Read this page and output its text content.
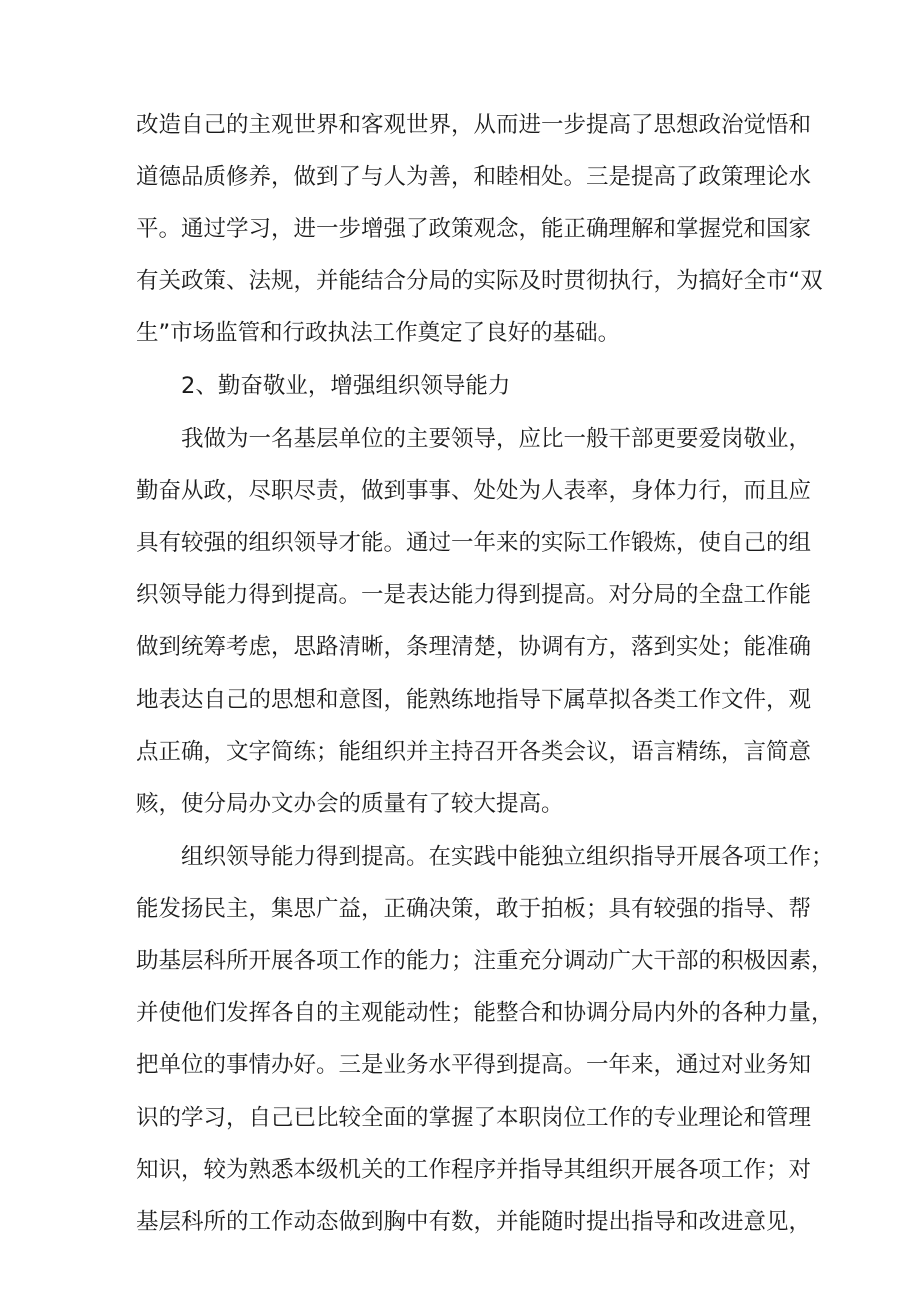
改造自己的主观世界和客观世界，从而进一步提高了思想政治觉悟和

道德品质修养，做到了与人为善，和睦相处。三是提高了政策理论水

平。通过学习，进一步增强了政策观念，能正确理解和掌握党和国家

有关政策、法规，并能结合分局的实际及时贯彻执行，为搞好全市“双

生”市场监管和行政执法工作奠定了良好的基础。

2、勤奋敬业，增强组织领导能力

我做为一名基层单位的主要领导，应比一般干部更要爱岗敬业，

勤奋从政，尽职尽责，做到事事、处处为人表率，身体力行，而且应

具有较强的组织领导才能。通过一年来的实际工作锻炼，使自己的组

织领导能力得到提高。一是表达能力得到提高。对分局的全盘工作能

做到统筹考虑，思路清晰，条理清楚，协调有方，落到实处；能准确

地表达自己的思想和意图，能熟练地指导下属草拟各类工作文件，观

点正确，文字简练；能组织并主持召开各类会议，语言精练，言简意

赅，使分局办文办会的质量有了较大提高。

组织领导能力得到提高。在实践中能独立组织指导开展各项工作；

能发扬民主，集思广益，正确决策，敢于拍板；具有较强的指导、帮

助基层科所开展各项工作的能力；注重充分调动广大干部的积极因素，

并使他们发挥各自的主观能动性；能整合和协调分局内外的各种力量，

把单位的事情办好。三是业务水平得到提高。一年来，通过对业务知

识的学习，自己已比较全面的掌握了本职岗位工作的专业理论和管理

知识，较为熟悉本级机关的工作程序并指导其组织开展各项工作；对

基层科所的工作动态做到胸中有数，并能随时提出指导和改进意见，
